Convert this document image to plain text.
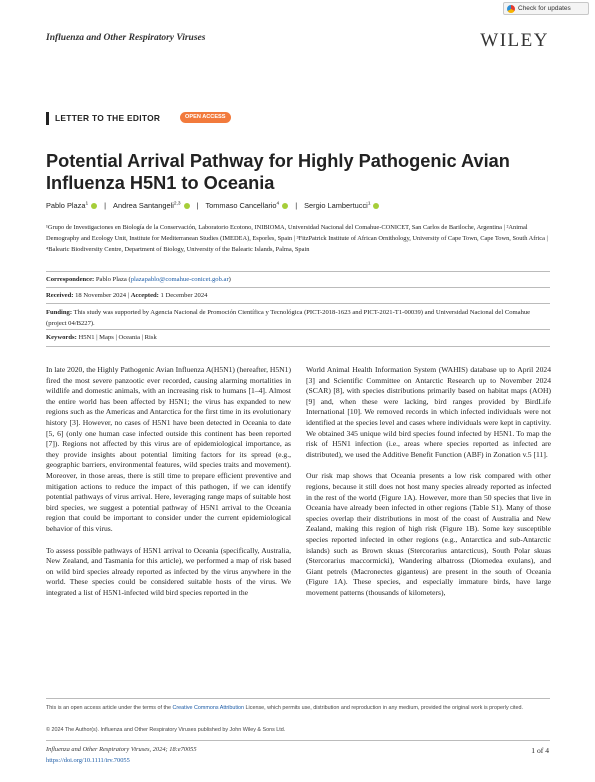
Check for updates
Influenza and Other Respiratory Viruses	WILEY
LETTER TO THE EDITOR	OPEN ACCESS
Potential Arrival Pathway for Highly Pathogenic Avian
Influenza H5N1 to Oceania
Pablo Plaza$^1$	| Andrea Santangeli$^{2,3}$	| Tommaso Cancellario$^4$	| Sergio Lambertucci$^1$
¹Grupo de Investigaciones en Biología de la Conservación, Laboratorio Ecotono, INIBIOMA, Universidad Nacional del Comahue-CONICET, San Carlos de Bariloche, Argentina | ²Animal Demography and Ecology Unit, Institute for Mediterranean Studies (IMEDEA), Esporles, Spain | ³FitzPatrick Institute of African Ornithology, University of Cape Town, Cape Town, South Africa | ⁴Balearic Biodiversity Centre, Department of Biology, University of the Balearic Islands, Palma, Spain
Correspondence: Pablo Plaza (plazapablo@comahue-conicet.gob.ar)
Received: 18 November 2024 | Accepted: 1 December 2024
Funding: This study was supported by Agencia Nacional de Promoción Científica y Tecnológica (PICT-2018-1623 and PICT-2021-T1-00039) and Universidad Nacional del Comahue (project 04/B227).
Keywords: H5N1 | Maps | Oceania | Risk

In late 2020, the Highly Pathogenic Avian Influenza A(H5N1) (hereafter, H5N1) fired the most severe panzootic ever recorded, causing alarming mortalities in wildlife and domestic animals, with an increasing risk to humans [1–4]. Almost the entire world has been affected by H5N1; the virus has expanded to new regions such as the Americas and Antarctica for the first time in its evolutionary history [3]. However, no cases of H5N1 have been detected in Oceania to date [5, 6] (only one human case infected outside this continent has been reported [7]). Regions not affected by this virus are of epidemiological importance, as they provide insights about potential limiting factors for its spread (e.g., geographic barriers, environmental features, wild species traits and movement). Moreover, in those areas, there is still time to prepare efficient preventive and mitigation actions to reduce the impact of this pathogen, if we can identify potential pathways of virus arrival. Here, leveraging range maps of suitable host bird species, we suggest a potential pathway of H5N1 arrival to the Oceania region that could be important to consider under the current epidemiological behavior of this virus.

To assess possible pathways of H5N1 arrival to Oceania (specifically, Australia, New Zealand, and Tasmania for this article), we performed a map of risk based on wild bird species already reported as infected by the virus anywhere in the world. These species could be considered suitable hosts of the virus. We integrated a list of H5N1-infected wild bird species reported in the

World Animal Health Information System (WAHIS) database up to April 2024 [3] and Scientific Committee on Antarctic Research up to November 2024 (SCAR) [8], with species distributions primarily based on habitat maps (AOH) [9] and, when these were lacking, bird ranges provided by BirdLife International [10]. We removed records in which infected individuals were not identified at the species level and cases where individuals were kept in captivity. We obtained 345 unique wild bird species found infected by H5N1. To map the risk of H5N1 infection (i.e., areas where species reported as infected are distributed), we used the Additive Benefit Function (ABF) in Zonation v.5 [11].

Our risk map shows that Oceania presents a low risk compared with other regions, because it still does not host many species already reported as infected in the rest of the world (Figure 1A). However, more than 50 species that live in Oceania have already been infected in other regions (Table S1). Many of those species overlap their distributions in most of the coast of Australia and New Zealand, making this region of high risk (Figure 1B). Some key susceptible species reported infected in other regions (e.g., Antarctica and sub-Antarctic islands) such as Brown skuas (Stercorarius antarcticus), South Polar skuas (Stercorarius maccormicki), Wandering albatross (Diomedea exulans), and Giant petrels (Macronectes giganteus) are present in the south of Oceania (Figure 1A). These species, and especially immature birds, have large movement patterns (thousands of kilometers),

This is an open access article under the terms of the Creative Commons Attribution License, which permits use, distribution and reproduction in any medium, provided the original work is properly cited.
© 2024 The Author(s). Influenza and Other Respiratory Viruses published by John Wiley & Sons Ltd.
Influenza and Other Respiratory Viruses, 2024; 18:e70055
https://doi.org/10.1111/irv.70055
1 of 4
